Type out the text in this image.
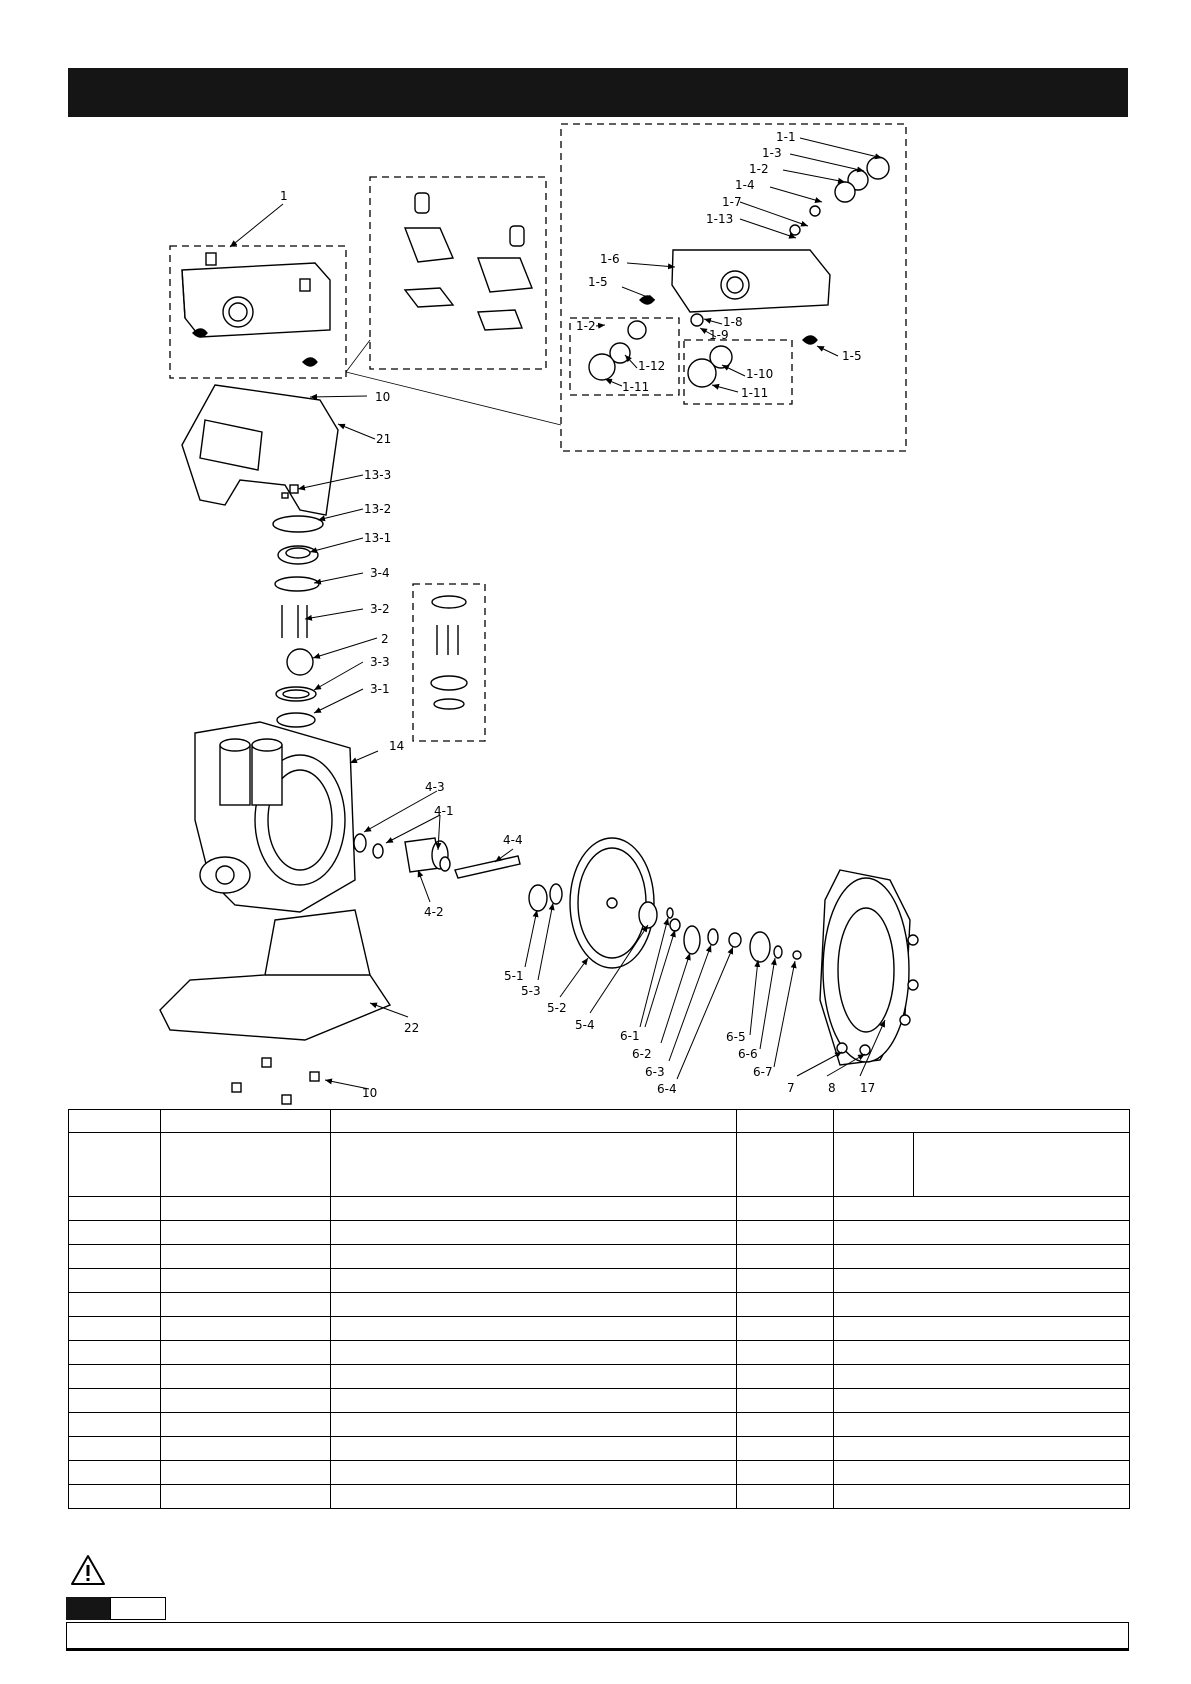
1
1-1
1-3
1-2
1-4
1-7
1-13
1-6
1-5
1-8
1-9
1-5
1-2
1-12
1-11
1-10
1-11
10
21
13-3
13-2
13-1
3-4
3-2
2
3-3
3-1
14
4-3
4-1
4-4
4-2
22
10
5-1
5-3
5-2
5-4
6-1
6-2
6-3
6-4
6-5
6-6
6-7
7	8 17
